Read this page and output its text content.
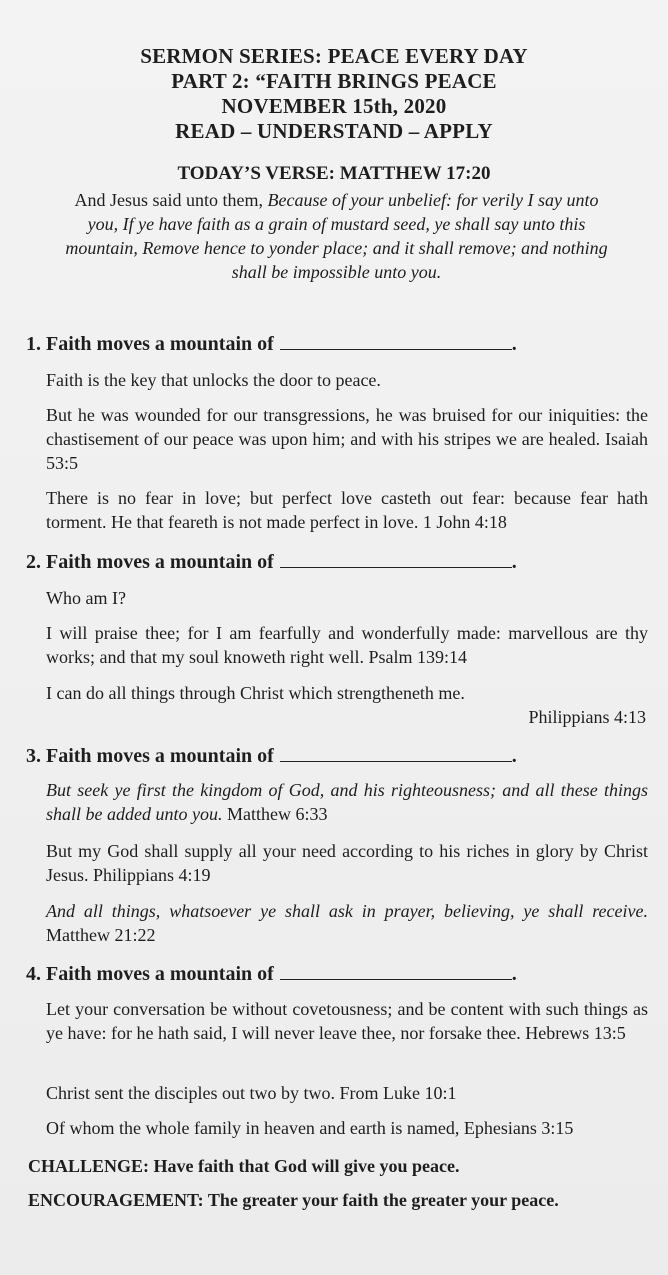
SERMON SERIES: PEACE EVERY DAY
PART 2: “FAITH BRINGS PEACE
NOVEMBER 15th, 2020
READ – UNDERSTAND – APPLY
TODAY’S VERSE: MATTHEW 17:20
And Jesus said unto them, Because of your unbelief: for verily I say unto you, If ye have faith as a grain of mustard seed, ye shall say unto this mountain, Remove hence to yonder place; and it shall remove; and nothing shall be impossible unto you.
1. Faith moves a mountain of	.
Faith is the key that unlocks the door to peace.
But he was wounded for our transgressions, he was bruised for our iniquities: the chastisement of our peace was upon him; and with his stripes we are healed. Isaiah 53:5
There is no fear in love; but perfect love casteth out fear: because fear hath torment. He that feareth is not made perfect in love. 1 John 4:18
2. Faith moves a mountain of	.
Who am I?
I will praise thee; for I am fearfully and wonderfully made: marvellous are thy works; and that my soul knoweth right well. Psalm 139:14
I can do all things through Christ which strengtheneth me.
Philippians 4:13
3. Faith moves a mountain of	.
But seek ye first the kingdom of God, and his righteousness; and all these things shall be added unto you. Matthew 6:33
But my God shall supply all your need according to his riches in glory by Christ Jesus. Philippians 4:19
And all things, whatsoever ye shall ask in prayer, believing, ye shall receive. Matthew 21:22
4. Faith moves a mountain of	.
Let your conversation be without covetousness; and be content with such things as ye have: for he hath said, I will never leave thee, nor forsake thee. Hebrews 13:5
Christ sent the disciples out two by two. From Luke 10:1
Of whom the whole family in heaven and earth is named, Ephesians 3:15
CHALLENGE: Have faith that God will give you peace.
ENCOURAGEMENT: The greater your faith the greater your peace.
